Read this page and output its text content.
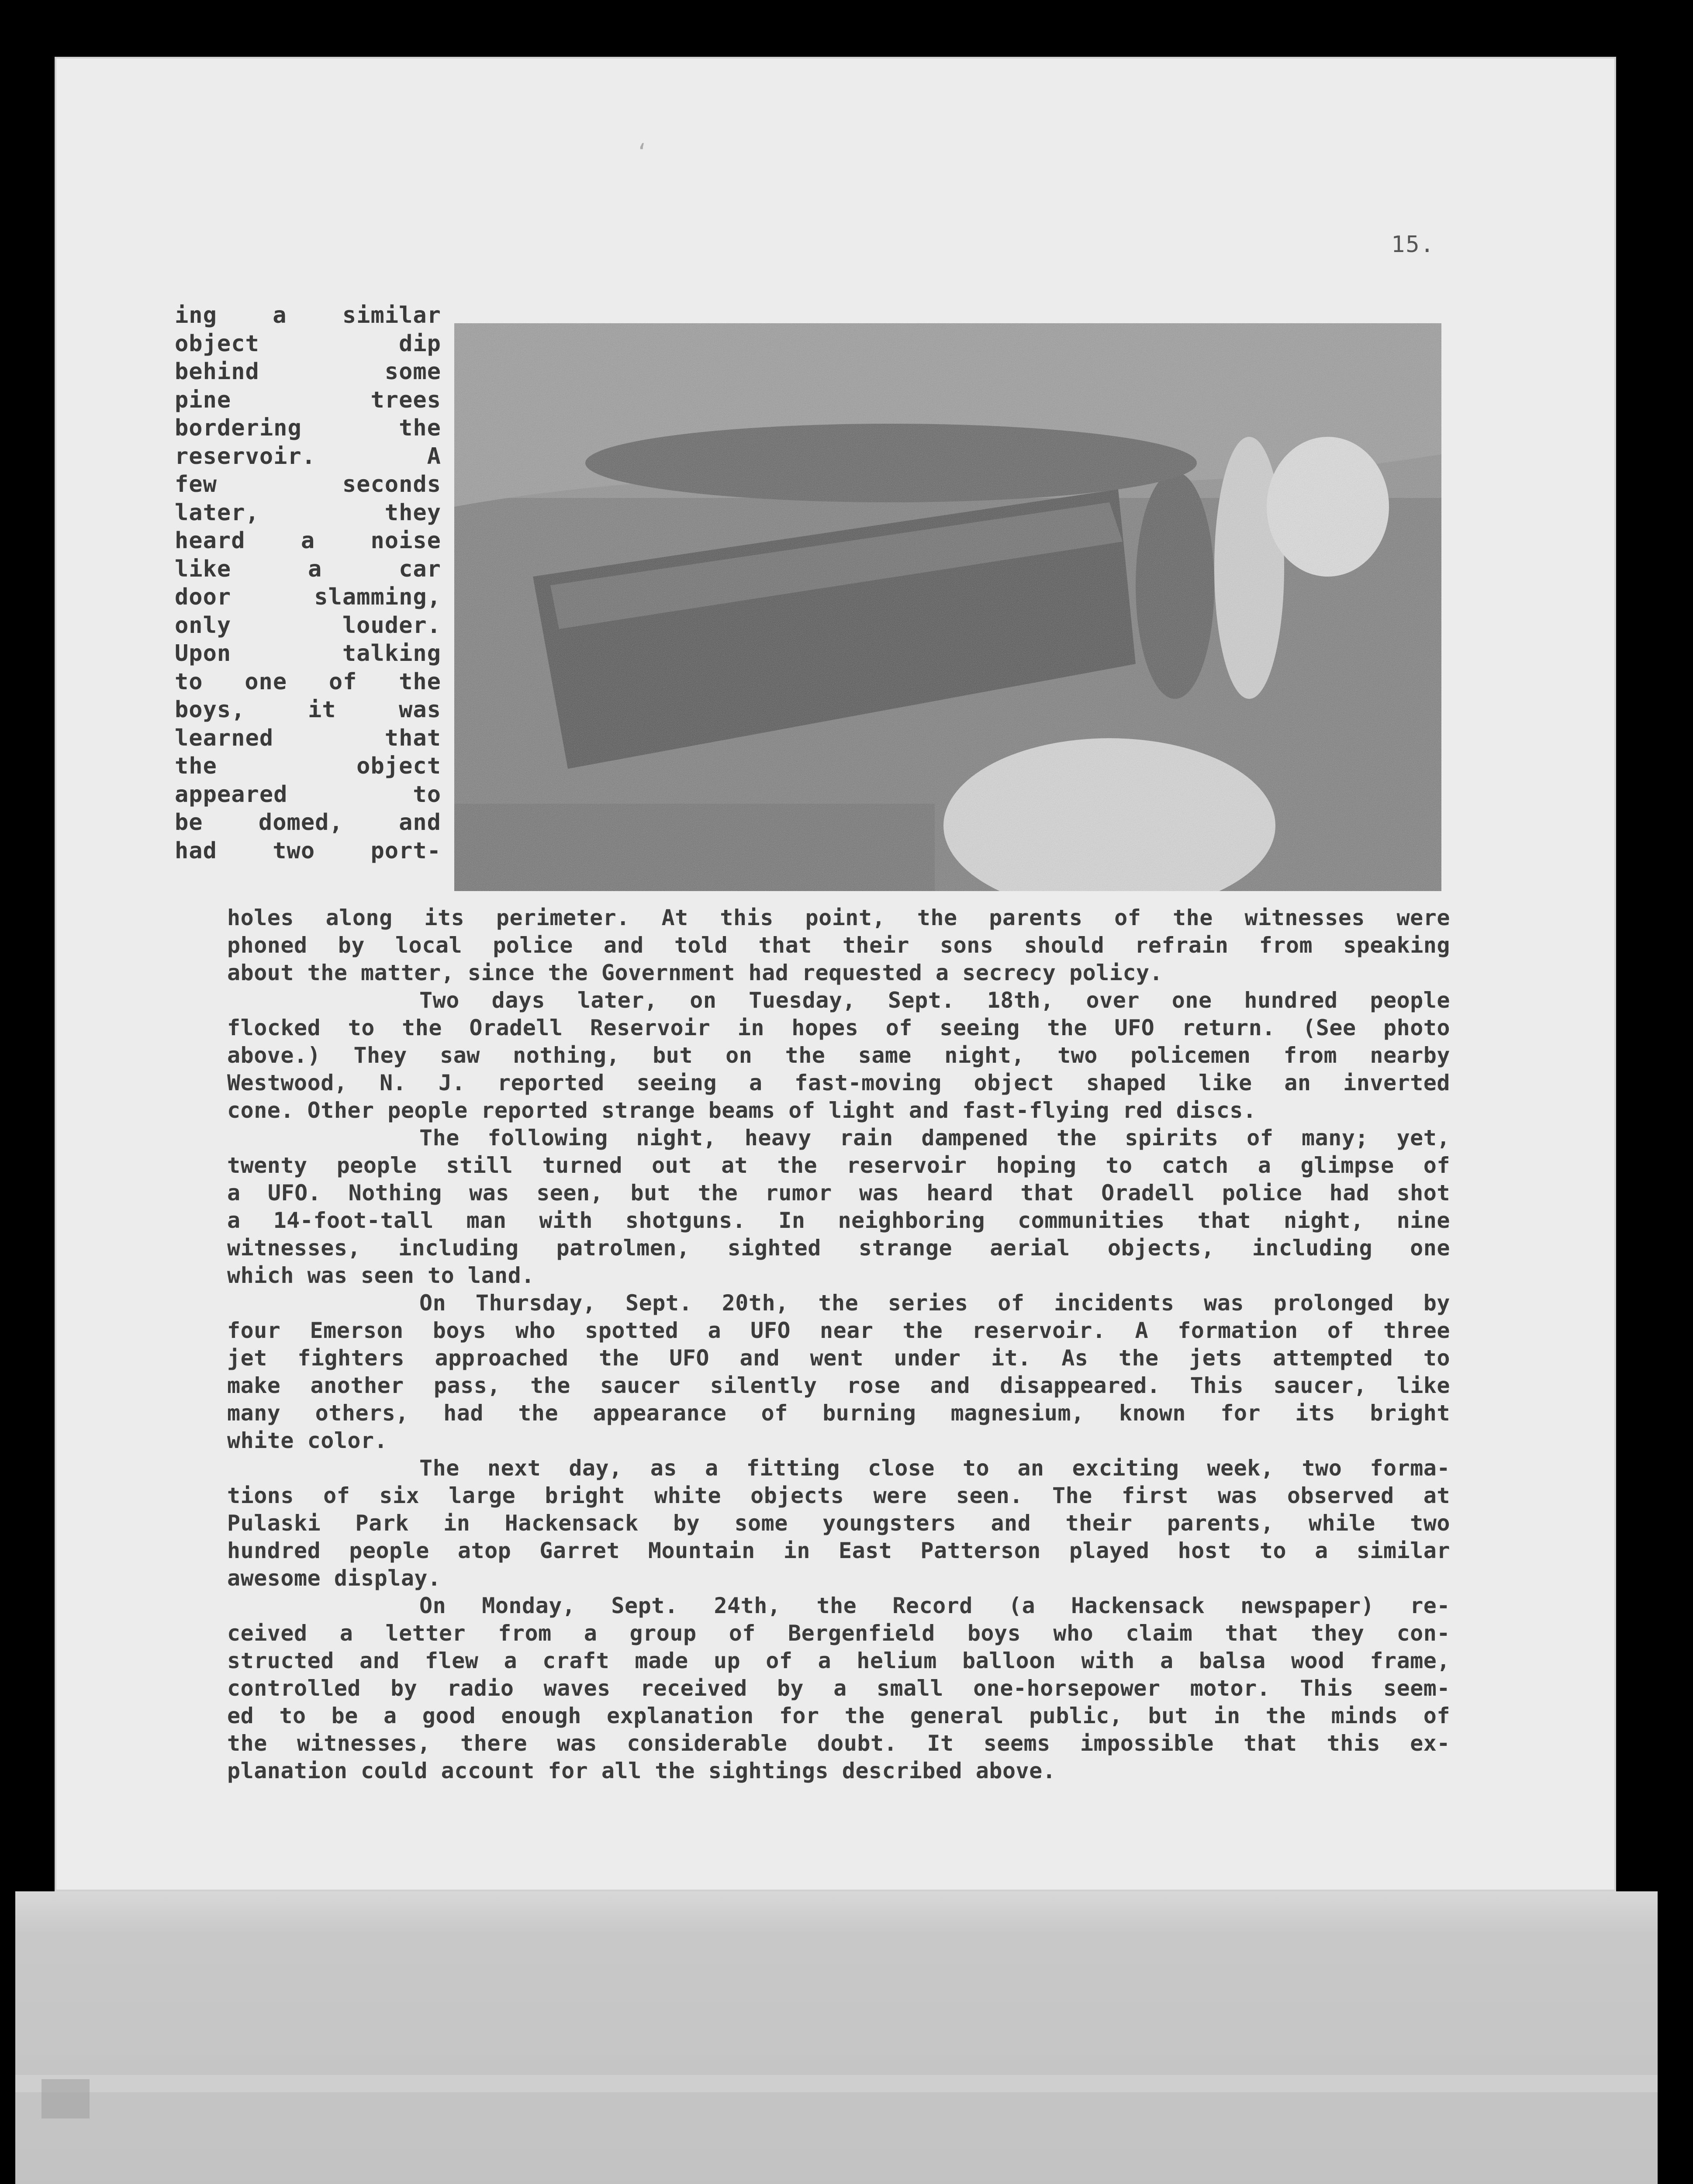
‘
15.
ing a similar
object dip
behind some
pine trees
bordering the
reservoir. A
few seconds
later, they
heard a noise
like a car
door slamming,
only louder.
Upon talking
to one of the
boys, it was
learned that
the object
appeared to
be domed, and
had two port-
holes along its perimeter. At this point, the parents of the witnesses were
phoned by local police and told that their sons should refrain from speaking
about the matter, since the Government had requested a secrecy policy.
Two days later, on Tuesday, Sept. 18th, over one hundred people
flocked to the Oradell Reservoir in hopes of seeing the UFO return. (See photo
above.) They saw nothing, but on the same night, two policemen from nearby
Westwood, N. J. reported seeing a fast-moving object shaped like an inverted
cone. Other people reported strange beams of light and fast-flying red discs.
The following night, heavy rain dampened the spirits of many; yet,
twenty people still turned out at the reservoir hoping to catch a glimpse of
a UFO. Nothing was seen, but the rumor was heard that Oradell police had shot
a 14-foot-tall man with shotguns. In neighboring communities that night, nine
witnesses, including patrolmen, sighted strange aerial objects, including one
which was seen to land.
On Thursday, Sept. 20th, the series of incidents was prolonged by
four Emerson boys who spotted a UFO near the reservoir. A formation of three
jet fighters approached the UFO and went under it. As the jets attempted to
make another pass, the saucer silently rose and disappeared. This saucer, like
many others, had the appearance of burning magnesium, known for its bright
white color.
The next day, as a fitting close to an exciting week, two forma-
tions of six large bright white objects were seen. The first was observed at
Pulaski Park in Hackensack by some youngsters and their parents, while two
hundred people atop Garret Mountain in East Patterson played host to a similar
awesome display.
On Monday, Sept. 24th, the Record (a Hackensack newspaper) re-
ceived a letter from a group of Bergenfield boys who claim that they con-
structed and flew a craft made up of a helium balloon with a balsa wood frame,
controlled by radio waves received by a small one-horsepower motor. This seem-
ed to be a good enough explanation for the general public, but in the minds of
the witnesses, there was considerable doubt. It seems impossible that this ex-
planation could account for all the sightings described above.
